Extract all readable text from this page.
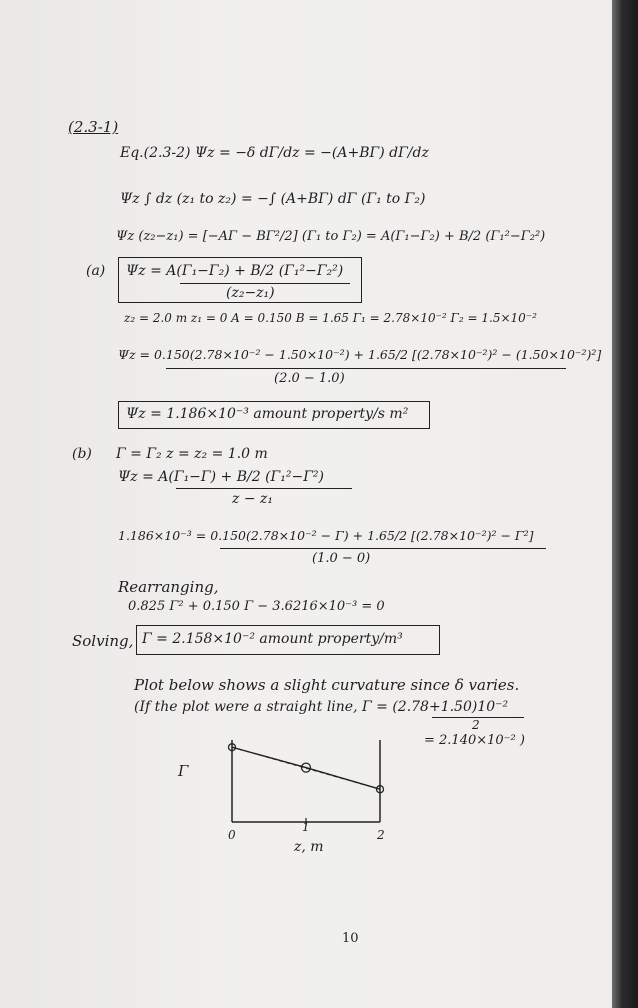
(2.3-1)
Eq.(2.3-2) Ψz = −δ dΓ/dz = −(A+BΓ) dΓ/dz
Ψz ∫ dz (z₁ to z₂) = −∫ (A+BΓ) dΓ (Γ₁ to Γ₂)
Ψz (z₂−z₁) = [−AΓ − BΓ²/2] (Γ₁ to Γ₂) = A(Γ₁−Γ₂) + B/2 (Γ₁²−Γ₂²)
(a) Ψz = A(Γ₁−Γ₂) + B/2 (Γ₁²−Γ₂²)
(z₂−z₁)
z₂ = 2.0 m z₁ = 0 A = 0.150 B = 1.65 Γ₁ = 2.78×10⁻² Γ₂ = 1.5×10⁻²
Ψz = 0.150(2.78×10⁻² − 1.50×10⁻²) + 1.65/2 [(2.78×10⁻²)² − (1.50×10⁻²)²]
(2.0 − 1.0)
Ψz = 1.186×10⁻³ amount property/s m²
(b) Γ = Γ₂ z = z₂ = 1.0 m
Ψz = A(Γ₁−Γ) + B/2 (Γ₁²−Γ²)
z − z₁
1.186×10⁻³ = 0.150(2.78×10⁻² − Γ) + 1.65/2 [(2.78×10⁻²)² − Γ²]
(1.0 − 0)
Rearranging,
0.825 Γ² + 0.150 Γ − 3.6216×10⁻³ = 0
Solving, Γ = 2.158×10⁻² amount property/m³
Plot below shows a slight curvature since δ varies.
(If the plot were a straight line, Γ = (2.78+1.50)10⁻²
2
= 2.140×10⁻² )
Γ
0
1
2
z, m
10
